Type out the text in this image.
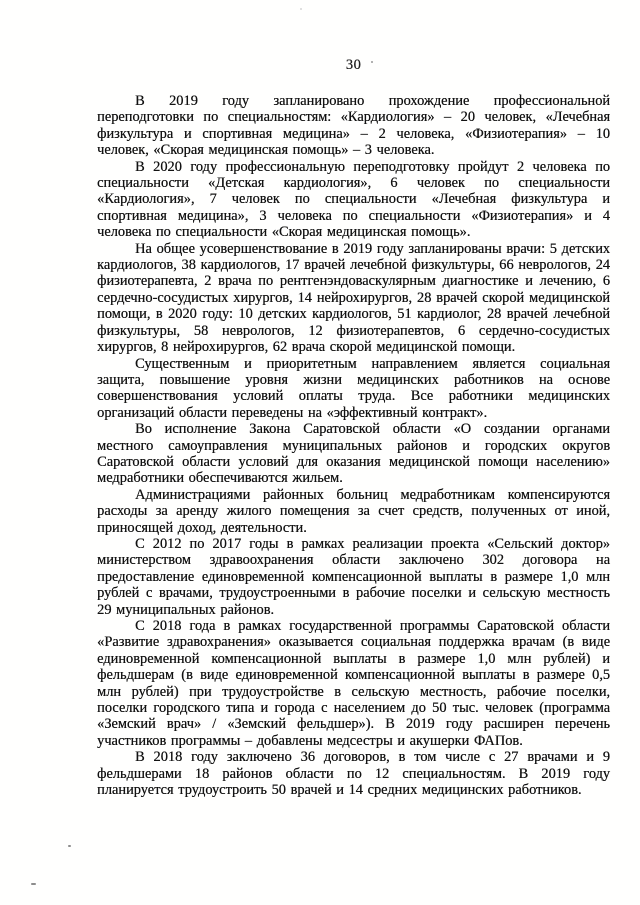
30

В 2019 году запланировано прохождение профессиональной переподготовки по специальностям: «Кардиология» – 20 человек, «Лечебная физкультура и спортивная медицина» – 2 человека, «Физиотерапия» – 10 человек, «Скорая медицинская помощь» – 3 человека.

В 2020 году профессиональную переподготовку пройдут 2 человека по специальности «Детская кардиология», 6 человек по специальности «Кардиология», 7 человек по специальности «Лечебная физкультура и спортивная медицина», 3 человека по специальности «Физиотерапия» и 4 человека по специальности «Скорая медицинская помощь».

На общее усовершенствование в 2019 году запланированы врачи: 5 детских кардиологов, 38 кардиологов, 17 врачей лечебной физкультуры, 66 неврологов, 24 физиотерапевта, 2 врача по рентгенэндоваскулярным диагностике и лечению, 6 сердечно-сосудистых хирургов, 14 нейрохирургов, 28 врачей скорой медицинской помощи, в 2020 году: 10 детских кардиологов, 51 кардиолог, 28 врачей лечебной физкультуры, 58 неврологов, 12 физиотерапевтов, 6 сердечно-сосудистых хирургов, 8 нейрохирургов, 62 врача скорой медицинской помощи.

Существенным и приоритетным направлением является социальная защита, повышение уровня жизни медицинских работников на основе совершенствования условий оплаты труда. Все работники медицинских организаций области переведены на «эффективный контракт».

Во исполнение Закона Саратовской области «О создании органами местного самоуправления муниципальных районов и городских округов Саратовской области условий для оказания медицинской помощи населению» медработники обеспечиваются жильем.

Администрациями районных больниц медработникам компенсируются расходы за аренду жилого помещения за счет средств, полученных от иной, приносящей доход, деятельности.

С 2012 по 2017 годы в рамках реализации проекта «Сельский доктор» министерством здравоохранения области заключено 302 договора на предоставление единовременной компенсационной выплаты в размере 1,0 млн рублей с врачами, трудоустроенными в рабочие поселки и сельскую местность 29 муниципальных районов.

С 2018 года в рамках государственной программы Саратовской области «Развитие здравохранения» оказывается социальная поддержка врачам (в виде единовременной компенсационной выплаты в размере 1,0 млн рублей) и фельдшерам (в виде единовременной компенсационной выплаты в размере 0,5 млн рублей) при трудоустройстве в сельскую местность, рабочие поселки, поселки городского типа и города с населением до 50 тыс. человек (программа «Земский врач» / «Земский фельдшер»). В 2019 году расширен перечень участников программы – добавлены медсестры и акушерки ФАПов.

В 2018 году заключено 36 договоров, в том числе с 27 врачами и 9 фельдшерами 18 районов области по 12 специальностям. В 2019 году планируется трудоустроить 50 врачей и 14 средних медицинских работников.
